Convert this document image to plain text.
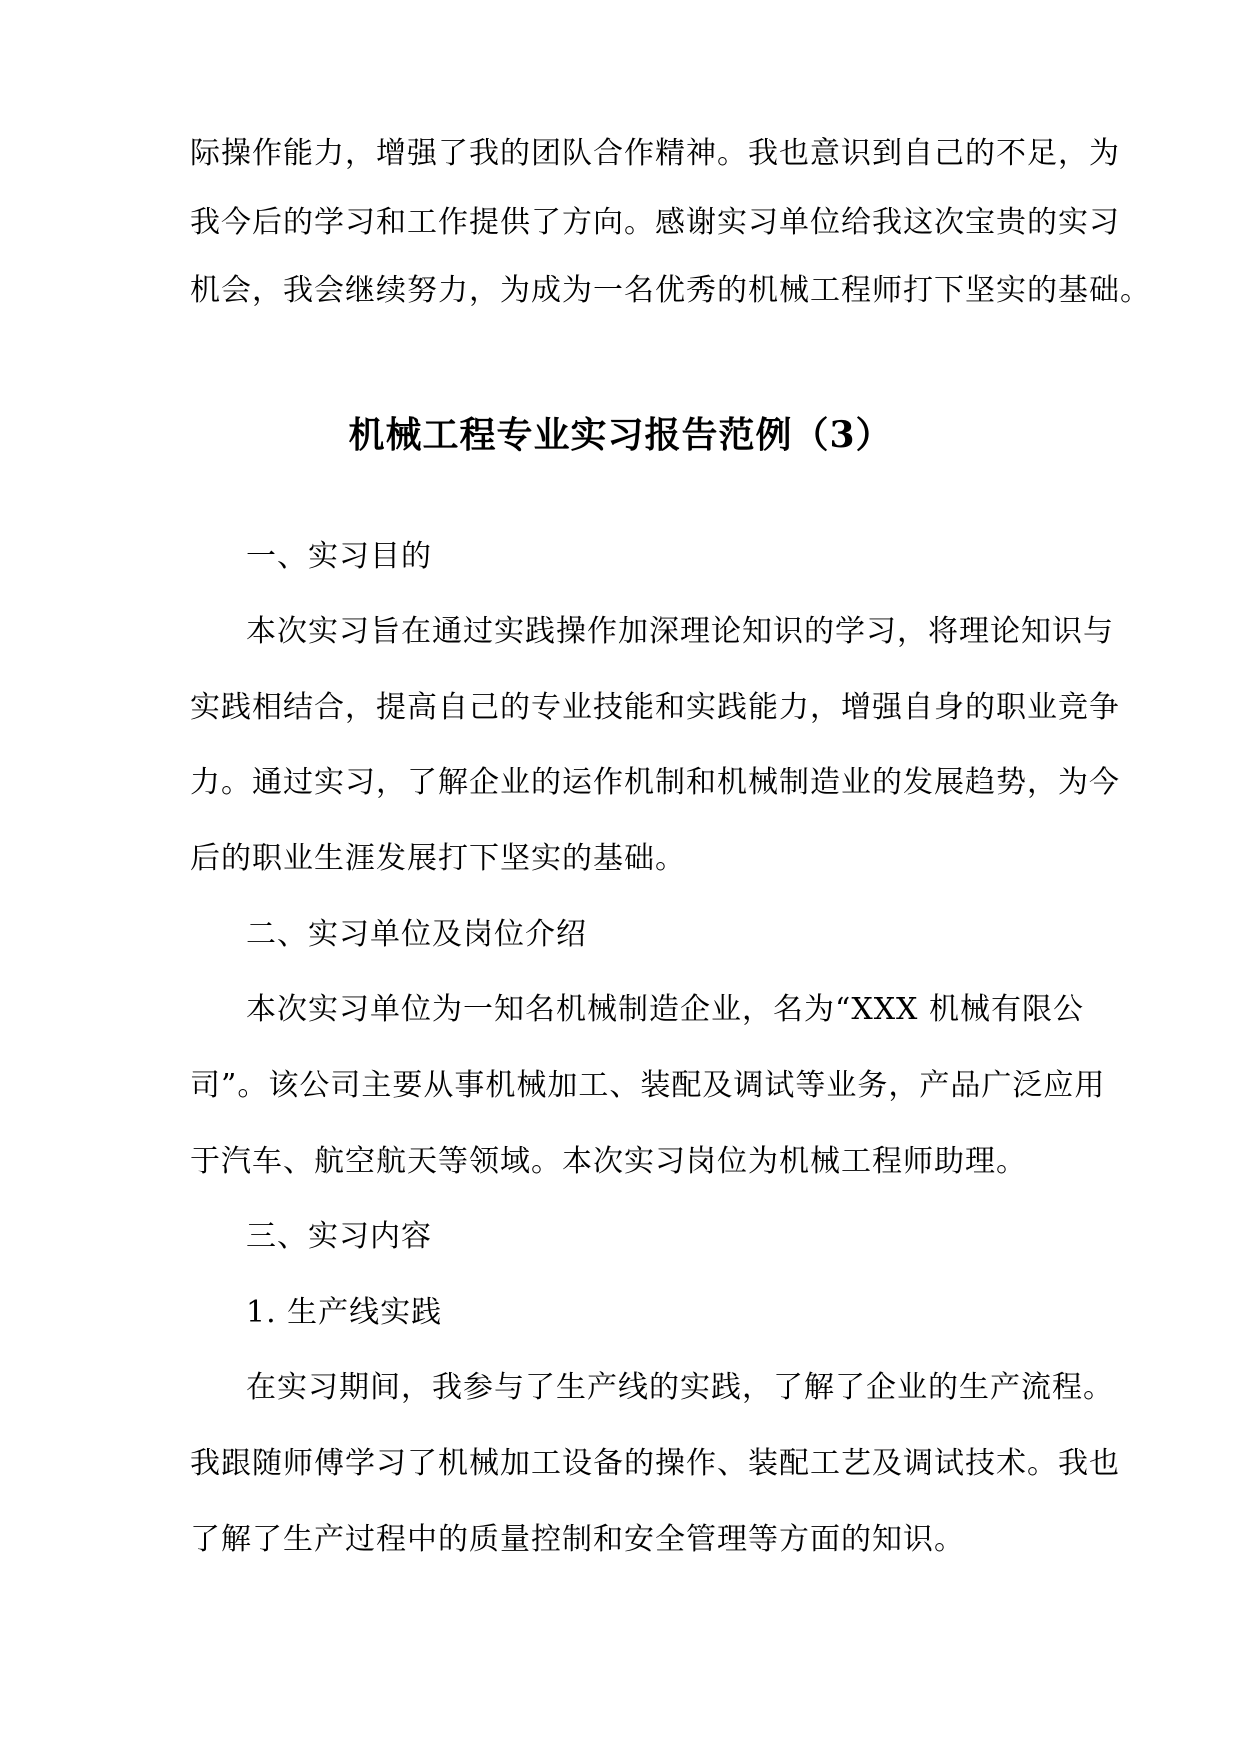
际操作能力，增强了我的团队合作精神。我也意识到自己的不足，为
我今后的学习和工作提供了方向。感谢实习单位给我这次宝贵的实习
机会，我会继续努力，为成为一名优秀的机械工程师打下坚实的基础。
机械工程专业实习报告范例（3）
一、实习目的
本次实习旨在通过实践操作加深理论知识的学习，将理论知识与
实践相结合，提高自己的专业技能和实践能力，增强自身的职业竞争
力。通过实习，了解企业的运作机制和机械制造业的发展趋势，为今
后的职业生涯发展打下坚实的基础。
二、实习单位及岗位介绍
本次实习单位为一知名机械制造企业，名为“XXX 机械有限公
司”。该公司主要从事机械加工、装配及调试等业务，产品广泛应用
于汽车、航空航天等领域。本次实习岗位为机械工程师助理。
三、实习内容
1. 生产线实践
在实习期间，我参与了生产线的实践，了解了企业的生产流程。
我跟随师傅学习了机械加工设备的操作、装配工艺及调试技术。我也
了解了生产过程中的质量控制和安全管理等方面的知识。
